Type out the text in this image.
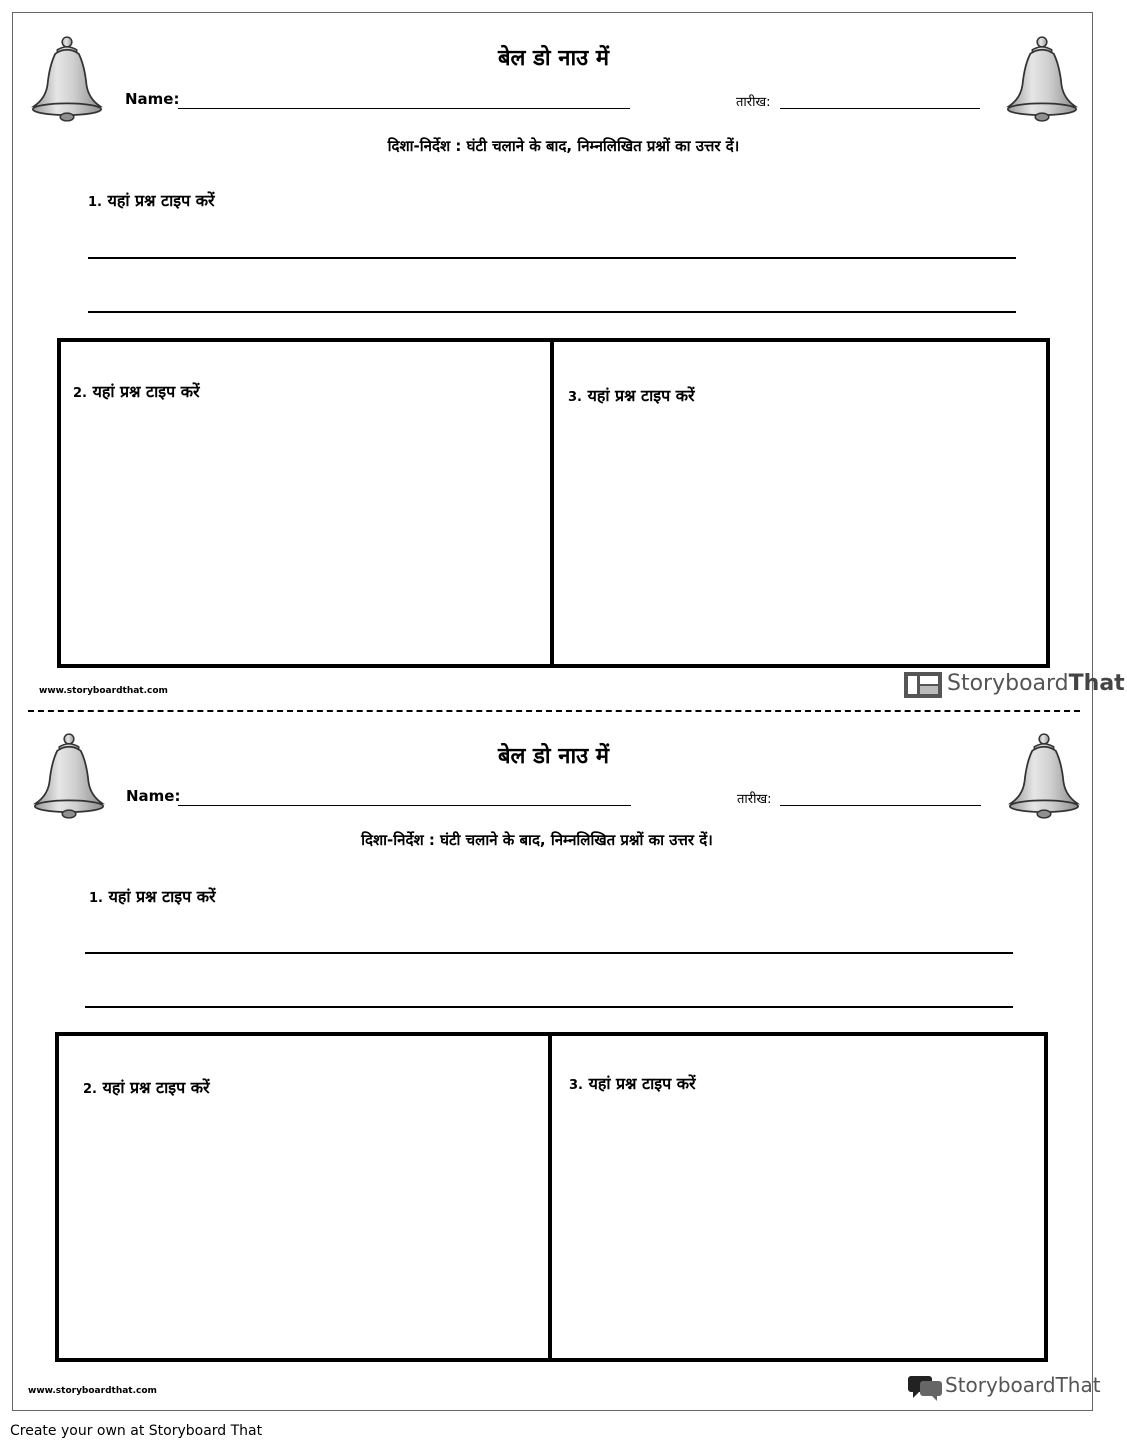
बेल डो नाउ में
Name:	तारीख:
दिशा-निर्देश : घंटी चलाने के बाद, निम्नलिखित प्रश्नों का उत्तर दें।
1. यहां प्रश्न टाइप करें
2. यहां प्रश्न टाइप करें	3. यहां प्रश्न टाइप करें
www.storyboardthat.com	StoryboardThat
बेल डो नाउ में
Name:	तारीख:
दिशा-निर्देश : घंटी चलाने के बाद, निम्नलिखित प्रश्नों का उत्तर दें।
1. यहां प्रश्न टाइप करें
2. यहां प्रश्न टाइप करें	3. यहां प्रश्न टाइप करें
www.storyboardthat.com	StoryboardThat
Create your own at Storyboard That
